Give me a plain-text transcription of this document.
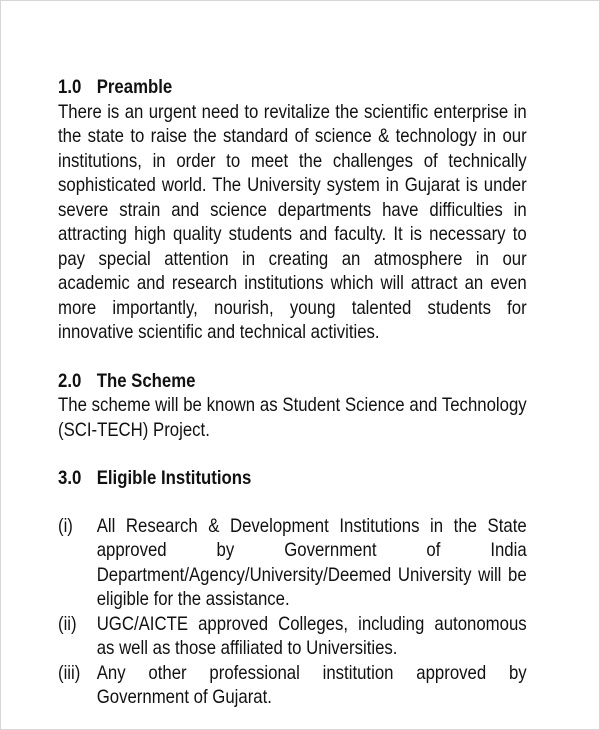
1.0 Preamble

There is an urgent need to revitalize the scientific enterprise in the state to raise the standard of science & technology in our institutions, in order to meet the challenges of technically sophisticated world. The University system in Gujarat is under severe strain and science departments have difficulties in attracting high quality students and faculty. It is necessary to pay special attention in creating an atmosphere in our academic and research institutions which will attract an even more importantly, nourish, young talented students for innovative scientific and technical activities.

2.0 The Scheme

The scheme will be known as Student Science and Technology (SCI-TECH) Project.

3.0 Eligible Institutions
(i)	All Research & Development Institutions in the State approved by Government of India Department/Agency/University/Deemed University will be eligible for the assistance.
(ii)	UGC/AICTE approved Colleges, including autonomous as well as those affiliated to Universities.
(iii) Any other professional institution approved by Government of Gujarat.
